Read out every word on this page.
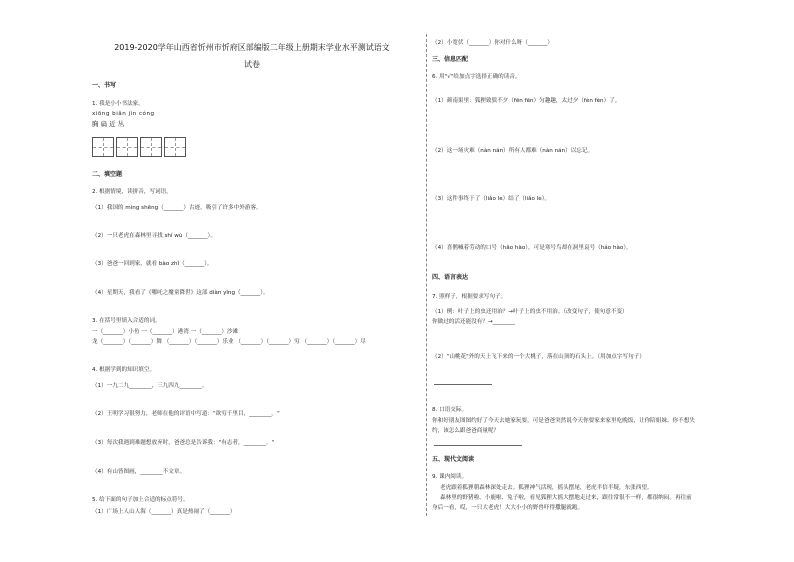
2019-2020学年山西省忻州市忻府区部编版二年级上册期末学业水平测试语文
试卷
一、书写
1. 我是小小书法家。
xiōng biǎn jìn cóng
胸 扁 近 丛
二、填空题
2. 根据情境，读拼音，写词语。
（1）我国的 mìng shēng（_______）古迹，吸引了许多中外游客。
（2）一只老虎在森林里寻找 shí wù（_______）。
（3）爸爸一回到家，就看 bào zhǐ（_______）。
（4）星期天，我看了《哪吒之魔童降世》这部 diàn yǐng（_______）。
3. 在括号里填入合适的词。
一（_______）小鱼 一（_______）港湾 一（_______）沙滩
龙（_______）（_______）舞 （_______）（_______）乐业 （_______）（_______）穷 （_______）（_______）尽
4. 根据学到的知识填空。
（1）一九二九________，三九四九________。
（2）王明学习很努力，老师在他的评语中写道："欲穷千里目，________。"
（3）每次我遇到难题想放弃时，爸爸总是告诉我："有志者，________。"
（4）有山皆图画，________不文章。
5. 给下面的句子加上合适的标点符号。
（1）广场上人山人海（_______）真是热闹了（_______）
（2）小宽伏（_______）你对什么呀（_______）
三、信息匹配
6. 用"√"给加点字选择正确的读音。
（1）颜南果里：狐狸致鬓不夕（fēn fēn）匀趣趣，太过夕（fèn fèn）了。
（2）这一场灾难（nàn nán）所有人都难（nàn nán）以忘记。
（3）这件事终于了（liǎo le）结了（liǎo le）。
（4）喜鹊喊着劳动的口号（hǎo hào），可是寒号鸟却在洞里哀号（háo hào）。
四、语言表达
7. 照样子，根据要求写句子。
（1）例：叶子上的虫还用治？→叶子上的虫不用治。（改变句子，使句意不变）
你做过的活还能没有？→________
（2）"山桃花"外的天上飞下来的一个大桃子，落在山顶的石头上。（用加点字写句子）
8. 口语交际。
你和好朋友图图约好了今天去她家玩耍，可是爸爸突然说今天你要家来家里吃晚饭，让你陪姐妹。你不想失
约，该怎么跟爸爸商量呢？
五、现代文阅读
9. 课内阅读。
老虎跟着狐狸朝森林深处走去。狐狸神气活现，摇头摆尾，老虎半信半疑，东张西望。
森林里的野猪啦、小鹿啦、兔子啦，看见狐狸大摇大摆地走过来，跟往常很不一样，都很纳闷。再往前
身后一看，哎，一只大老虎！大大小小的野兽吓得撒腿就跑。
